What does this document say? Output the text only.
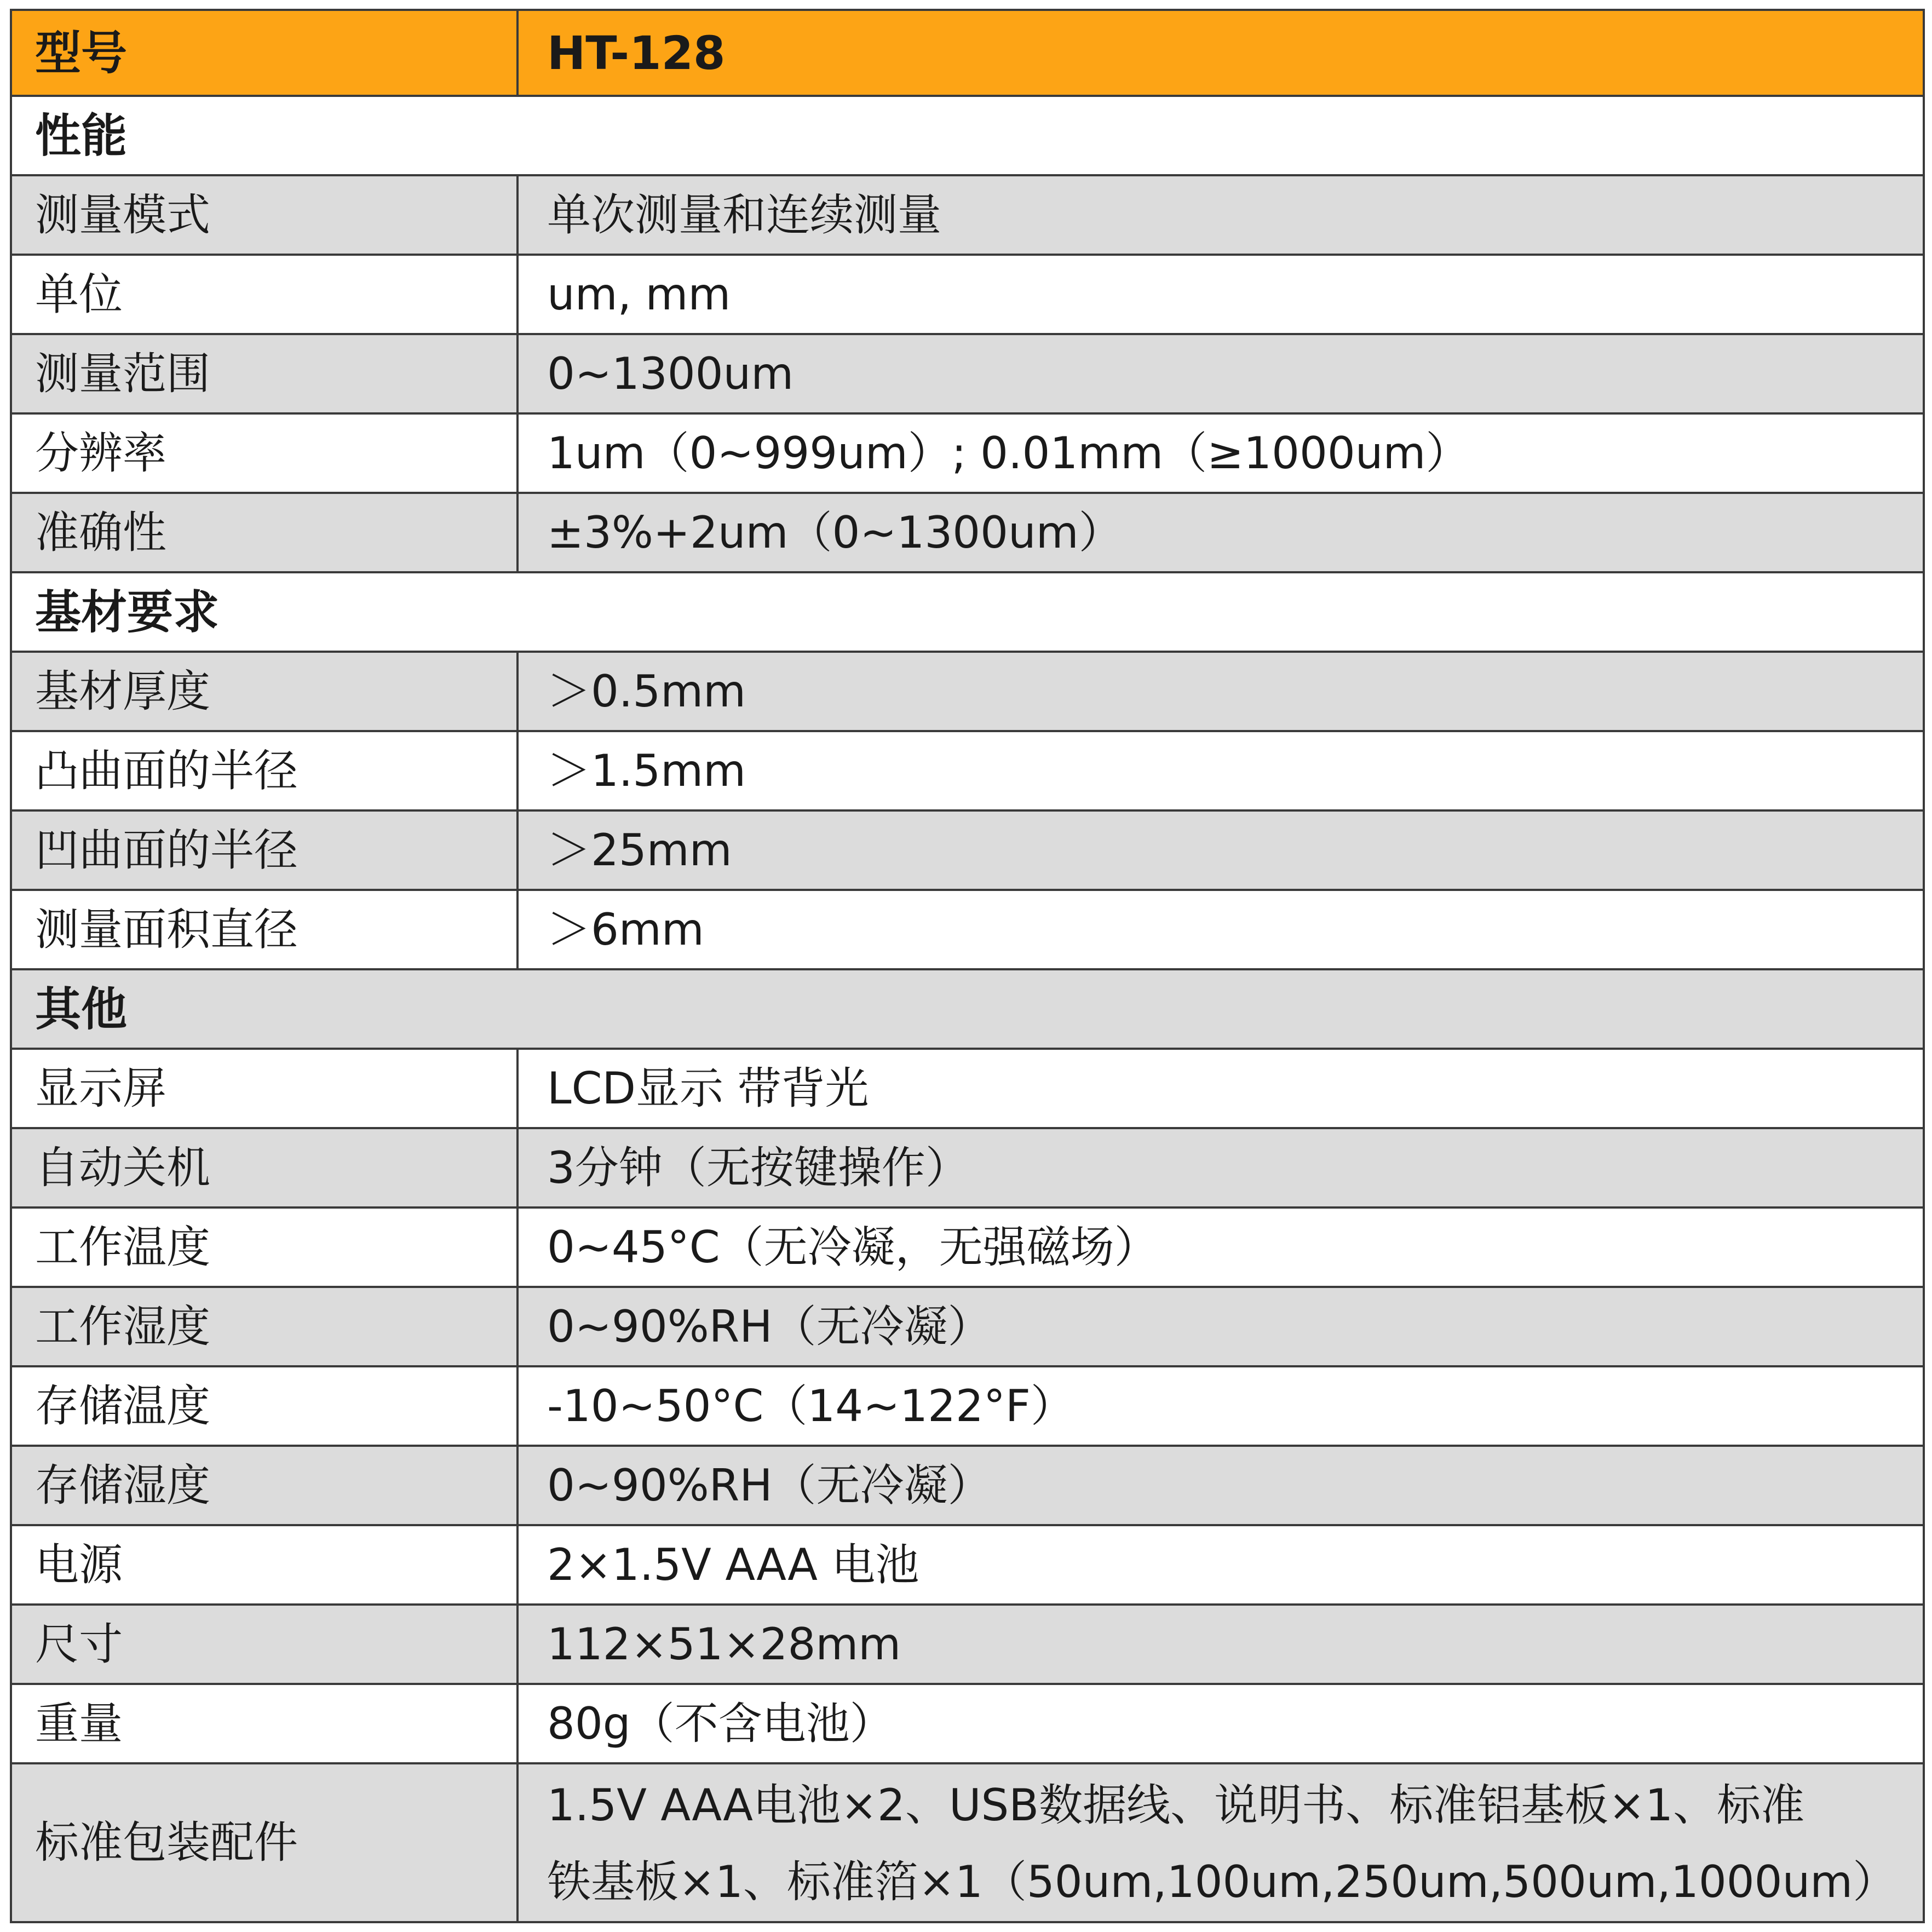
型号	HT-128
性能	
测量模式	单次测量和连续测量
单位	um, mm
测量范围	0~1300um
分辨率	1um（0~999um）; 0.01mm（≥1000um）
准确性	±3%+2um（0~1300um）
基材要求	
基材厚度	＞0.5mm
凸曲面的半径	＞1.5mm
凹曲面的半径	＞25mm
测量面积直径	＞6mm
其他	
显示屏	LCD显示 带背光
自动关机	3分钟（无按键操作）
工作温度	0~45°C（无冷凝，无强磁场）
工作湿度	0~90%RH（无冷凝）
存储温度	-10~50°C（14~122°F）
存储湿度	0~90%RH（无冷凝）
电源	2×1.5V AAA 电池
尺寸	112×51×28mm
重量	80g（不含电池）
标准包装配件	1.5V AAA电池×2、USB数据线、说明书、标准铝基板×1、标准
铁基板×1、标准箔×1（50um,100um,250um,500um,1000um）
